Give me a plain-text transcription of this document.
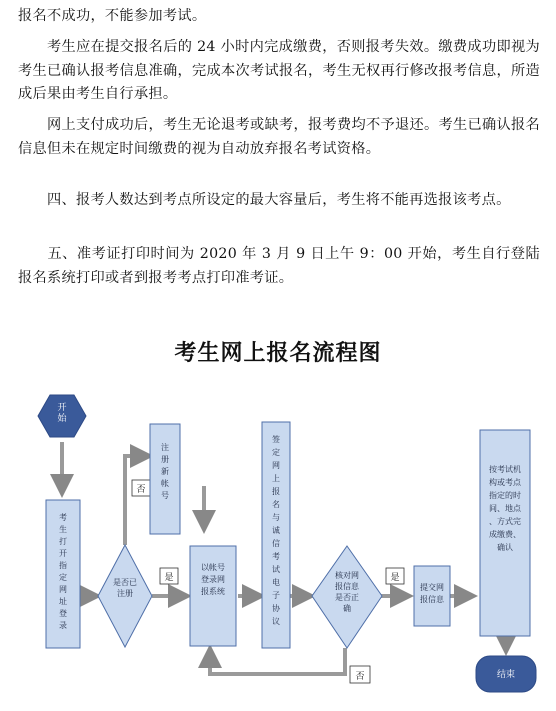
报名不成功，不能参加考试。

　　考生应在提交报名后的 24 小时内完成缴费，否则报考失效。缴费成功即视为考生已确认报考信息准确，完成本次考试报名，考生无权再行修改报考信息，所造成后果由考生自行承担。

　　网上支付成功后，考生无论退考或缺考，报考费均不予退还。考生已确认报名信息但未在规定时间缴费的视为自动放弃报名考试资格。

　　四、报考人数达到考点所设定的最大容量后，考生将不能再选报该考点。

　　五、准考证打印时间为 2020 年 3 月 9 日上午 9：00 开始，考生自行登陆报名系统打印或者到报考考点打印准考证。

考生网上报名流程图
开始
考生打开指定网址登录
是否已注册
否
是
注册新帐号
以帐号登录网报系统
签定网上报名与诚信考试电子协议
核对网报信息是否正确
是
否
提交网报信息
按考试机构或考点指定的时间、地点、方式完成缴费、确认
结束
